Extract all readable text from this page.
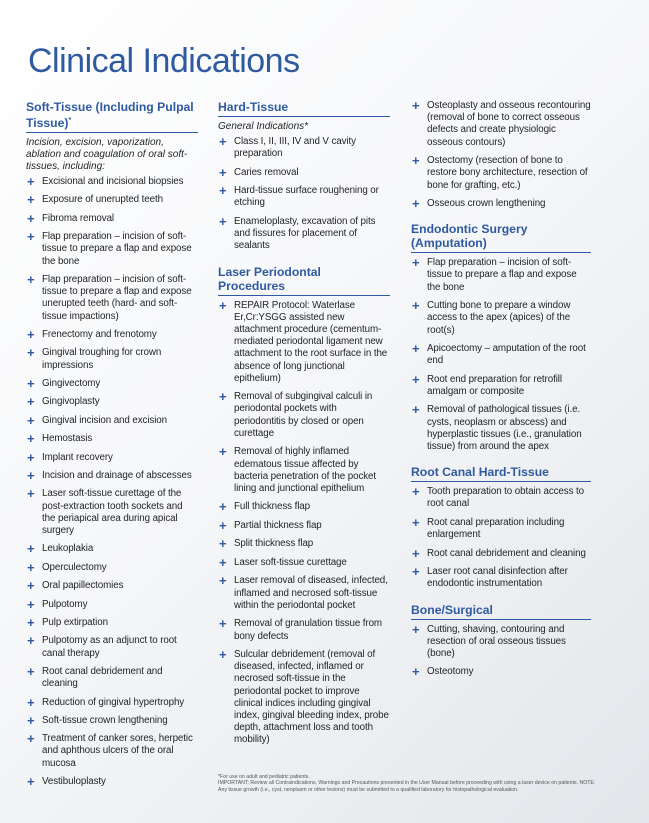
Clinical Indications
Soft-Tissue (Including Pulpal Tissue)*
Incision, excision, vaporization, ablation and coagulation of oral soft-tissues, including:
+ Excisional and incisional biopsies
+ Exposure of unerupted teeth
+ Fibroma removal
+ Flap preparation – incision of soft-tissue to prepare a flap and expose the bone
+ Flap preparation – incision of soft-tissue to prepare a flap and expose unerupted teeth (hard- and soft-tissue impactions)
+ Frenectomy and frenotomy
+ Gingival troughing for crown impressions
+ Gingivectomy
+ Gingivoplasty
+ Gingival incision and excision
+ Hemostasis
+ Implant recovery
+ Incision and drainage of abscesses
+ Laser soft-tissue curettage of the post-extraction tooth sockets and the periapical area during apical surgery
+ Leukoplakia
+ Operculectomy
+ Oral papillectomies
+ Pulpotomy
+ Pulp extirpation
+ Pulpotomy as an adjunct to root canal therapy
+ Root canal debridement and cleaning
+ Reduction of gingival hypertrophy
+ Soft-tissue crown lengthening
+ Treatment of canker sores, herpetic and aphthous ulcers of the oral mucosa
+ Vestibuloplasty
Hard-Tissue
General Indications*
+ Class I, II, III, IV and V cavity preparation
+ Caries removal
+ Hard-tissue surface roughening or etching
+ Enameloplasty, excavation of pits and fissures for placement of sealants
Laser Periodontal Procedures
+ REPAIR Protocol: Waterlase Er,Cr:YSGG assisted new attachment procedure (cementum-mediated periodontal ligament new attachment to the root surface in the absence of long junctional epithelium)
+ Removal of subgingival calculi in periodontal pockets with periodontitis by closed or open curettage
+ Removal of highly inflamed edematous tissue affected by bacteria penetration of the pocket lining and junctional epithelium
+ Full thickness flap
+ Partial thickness flap
+ Split thickness flap
+ Laser soft-tissue curettage
+ Laser removal of diseased, infected, inflamed and necrosed soft-tissue within the periodontal pocket
+ Removal of granulation tissue from bony defects
+ Sulcular debridement (removal of diseased, infected, inflamed or necrosed soft-tissue in the periodontal pocket to improve clinical indices including gingival index, gingival bleeding index, probe depth, attachment loss and tooth mobility)
+ Osteoplasty and osseous recontouring (removal of bone to correct osseous defects and create physiologic osseous contours)
+ Ostectomy (resection of bone to restore bony architecture, resection of bone for grafting, etc.)
+ Osseous crown lengthening
Endodontic Surgery (Amputation)
+ Flap preparation – incision of soft-tissue to prepare a flap and expose the bone
+ Cutting bone to prepare a window access to the apex (apices) of the root(s)
+ Apicoectomy – amputation of the root end
+ Root end preparation for retrofill amalgam or composite
+ Removal of pathological tissues (i.e. cysts, neoplasm or abscess) and hyperplastic tissues (i.e., granulation tissue) from around the apex
Root Canal Hard-Tissue
+ Tooth preparation to obtain access to root canal
+ Root canal preparation including enlargement
+ Root canal debridement and cleaning
+ Laser root canal disinfection after endodontic instrumentation
Bone/Surgical
+ Cutting, shaving, contouring and resection of oral osseous tissues (bone)
+ Osteotomy
*For use on adult and pediatric patients.
IMPORTANT: Review all Contraindications, Warnings and Precautions presented in the User Manual before proceeding with using a laser device on patients. NOTE: Any tissue growth (i.e., cyst, neoplasm or other lesions) must be submitted to a qualified laboratory for histopathological evaluation.
